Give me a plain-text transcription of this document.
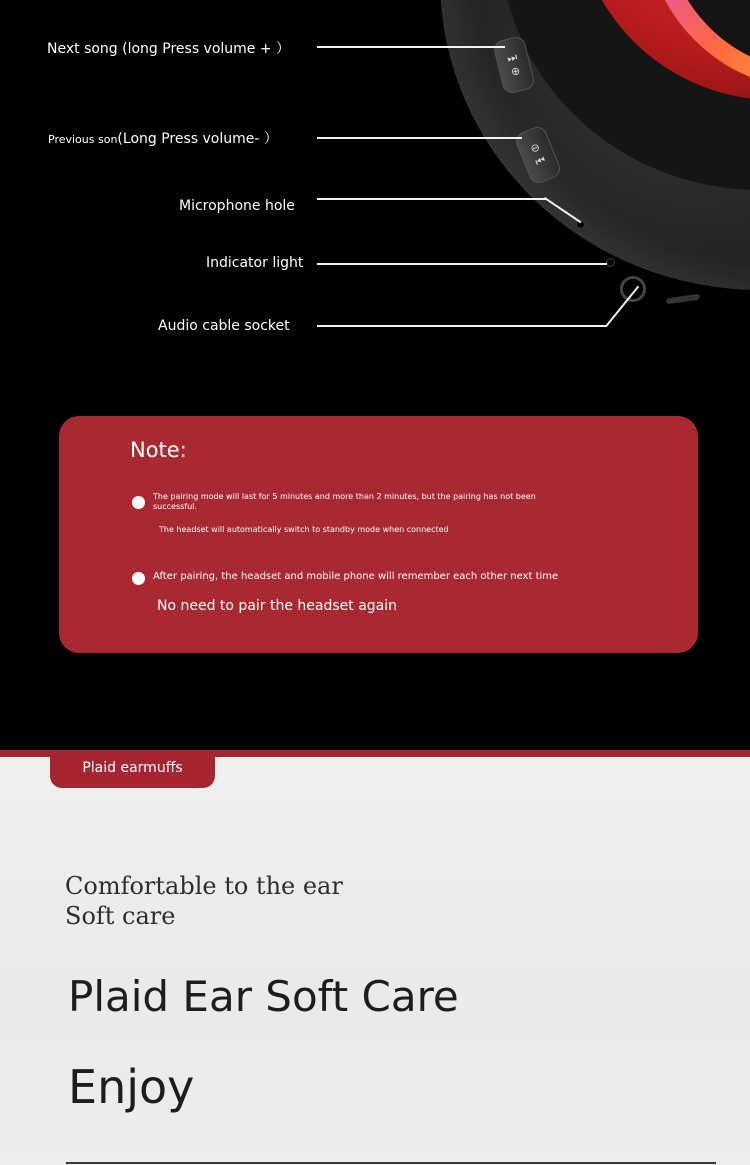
⏭
⊕
⊖
⏮
Next song (long Press volume + ）
Previous son(Long Press volume- ）
Microphone hole
Indicator light
Audio cable socket
Note:
The pairing mode will last for 5 minutes and more than 2 minutes, but the pairing has not been
successful.
The headset will automatically switch to standby mode when connected
After pairing, the headset and mobile phone will remember each other next time
No need to pair the headset again
Plaid earmuffs
Comfortable to the ear
Soft care
Plaid Ear Soft Care
Enjoy
